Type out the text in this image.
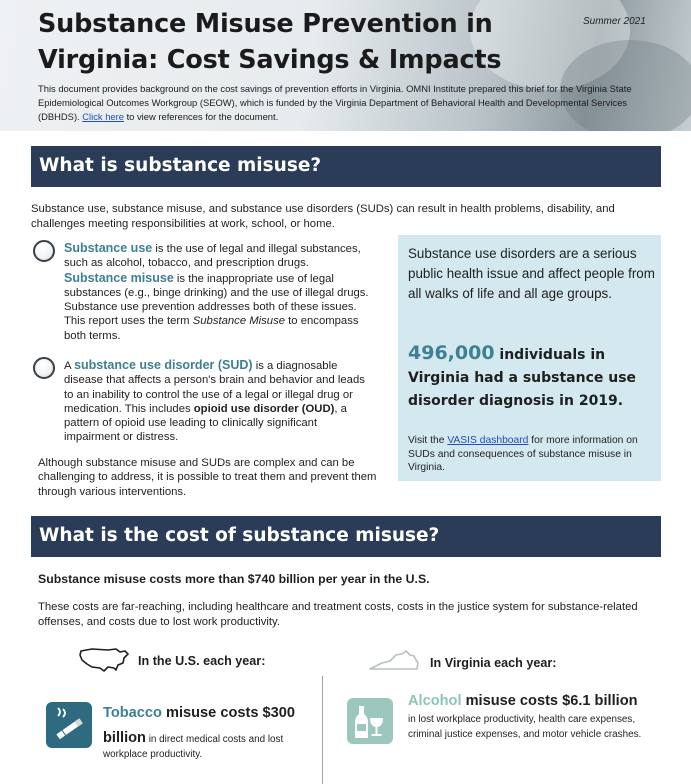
Substance Misuse Prevention in
Virginia: Cost Savings & Impacts
Summer 2021
This document provides background on the cost savings of prevention efforts in Virginia. OMNI Institute prepared this brief for the Virginia State Epidemiological Outcomes Workgroup (SEOW), which is funded by the Virginia Department of Behavioral Health and Developmental Services (DBHDS). Click here to view references for the document.
What is substance misuse?
Substance use, substance misuse, and substance use disorders (SUDs) can result in health problems, disability, and challenges meeting responsibilities at work, school, or home.
Substance use is the use of legal and illegal substances, such as alcohol, tobacco, and prescription drugs. Substance misuse is the inappropriate use of legal substances (e.g., binge drinking) and the use of illegal drugs. Substance use prevention addresses both of these issues. This report uses the term Substance Misuse to encompass both terms.
A substance use disorder (SUD) is a diagnosable disease that affects a person's brain and behavior and leads to an inability to control the use of a legal or illegal drug or medication. This includes opioid use disorder (OUD), a pattern of opioid use leading to clinically significant impairment or distress.
Although substance misuse and SUDs are complex and can be challenging to address, it is possible to treat them and prevent them through various interventions.
Substance use disorders are a serious public health issue and affect people from all walks of life and all age groups.
496,000 individuals in Virginia had a substance use disorder diagnosis in 2019.
Visit the VASIS dashboard for more information on SUDs and consequences of substance misuse in Virginia.
What is the cost of substance misuse?
Substance misuse costs more than $740 billion per year in the U.S.
These costs are far-reaching, including healthcare and treatment costs, costs in the justice system for substance-related offenses, and costs due to lost work productivity.
In the U.S. each year:	In Virginia each year:
Tobacco misuse costs $300
billion in direct medical costs and lost workplace productivity.
Alcohol misuse costs $6.1 billion
in lost workplace productivity, health care expenses, criminal justice expenses, and motor vehicle crashes.
